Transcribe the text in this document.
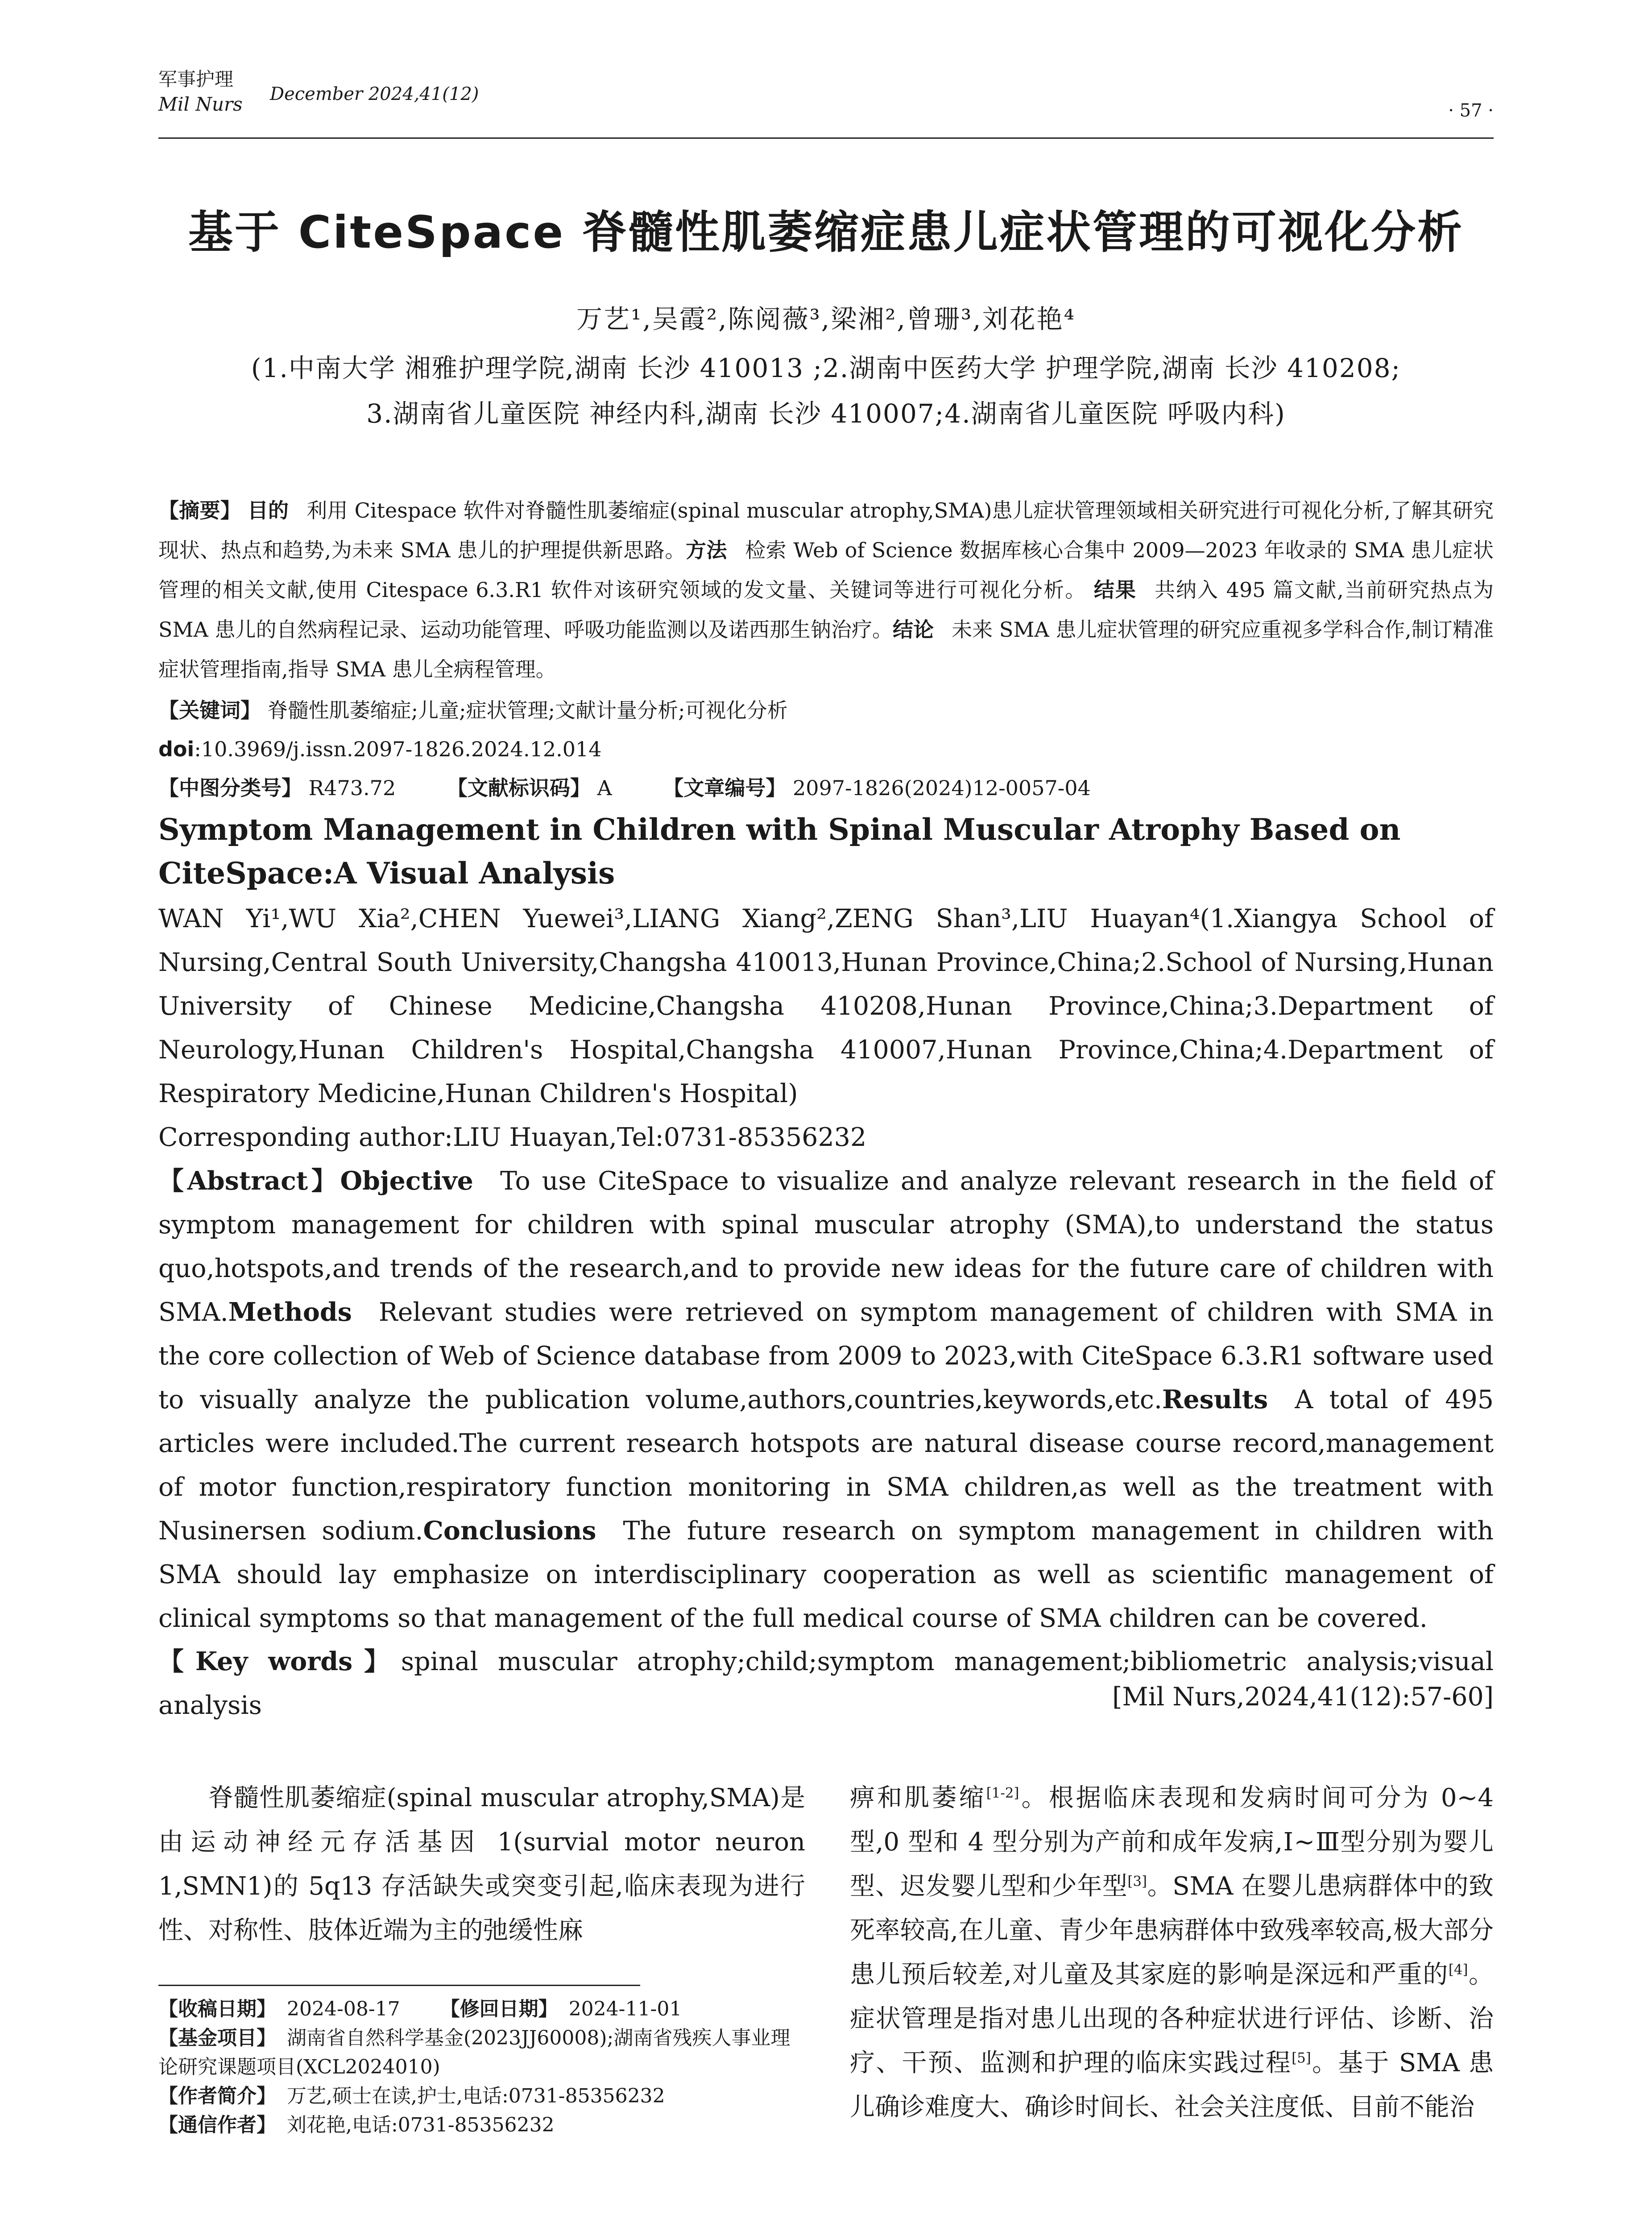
军事护理
Mil Nurs December 2024,41(12)
· 57 ·
基于 CiteSpace 脊髓性肌萎缩症患儿症状管理的可视化分析
万艺¹,吴霞²,陈阅薇³,梁湘²,曾珊³,刘花艳⁴
(1.中南大学 湘雅护理学院,湖南 长沙 410013 ;2.湖南中医药大学 护理学院,湖南 长沙 410208;
3.湖南省儿童医院 神经内科,湖南 长沙 410007;4.湖南省儿童医院 呼吸内科)
【摘要】 目的 利用 Citespace 软件对脊髓性肌萎缩症(spinal muscular atrophy,SMA)患儿症状管理领域相关研究进行可视化分析,了解其研究现状、热点和趋势,为未来 SMA 患儿的护理提供新思路。方法 检索 Web of Science 数据库核心合集中 2009—2023 年收录的 SMA 患儿症状管理的相关文献,使用 Citespace 6.3.R1 软件对该研究领域的发文量、关键词等进行可视化分析。 结果 共纳入 495 篇文献,当前研究热点为 SMA 患儿的自然病程记录、运动功能管理、呼吸功能监测以及诺西那生钠治疗。结论 未来 SMA 患儿症状管理的研究应重视多学科合作,制订精准症状管理指南,指导 SMA 患儿全病程管理。
【关键词】 脊髓性肌萎缩症;儿童;症状管理;文献计量分析;可视化分析
doi:10.3969/j.issn.2097-1826.2024.12.014
【中图分类号】 R473.72 【文献标识码】 A 【文章编号】 2097-1826(2024)12-0057-04
Symptom Management in Children with Spinal Muscular Atrophy Based on CiteSpace:A Visual Analysis
WAN Yi¹,WU Xia²,CHEN Yuewei³,LIANG Xiang²,ZENG Shan³,LIU Huayan⁴(1.Xiangya School of Nursing,Central South University,Changsha 410013,Hunan Province,China;2.School of Nursing,Hunan University of Chinese Medicine,Changsha 410208,Hunan Province,China;3.Department of Neurology,Hunan Children's Hospital,Changsha 410007,Hunan Province,China;4.Department of Respiratory Medicine,Hunan Children's Hospital)
Corresponding author:LIU Huayan,Tel:0731-85356232
【Abstract】Objective To use CiteSpace to visualize and analyze relevant research in the field of symptom management for children with spinal muscular atrophy (SMA),to understand the status quo,hotspots,and trends of the research,and to provide new ideas for the future care of children with SMA.Methods Relevant studies were retrieved on symptom management of children with SMA in the core collection of Web of Science database from 2009 to 2023,with CiteSpace 6.3.R1 software used to visually analyze the publication volume,authors,countries,keywords,etc.Results A total of 495 articles were included.The current research hotspots are natural disease course record,management of motor function,respiratory function monitoring in SMA children,as well as the treatment with Nusinersen sodium.Conclusions The future research on symptom management in children with SMA should lay emphasize on interdisciplinary cooperation as well as scientific management of clinical symptoms so that management of the full medical course of SMA children can be covered.
【Key words】spinal muscular atrophy;child;symptom management;bibliometric analysis;visual analysis	[Mil Nurs,2024,41(12):57-60]
脊髓性肌萎缩症(spinal muscular atrophy,SMA)是由运动神经元存活基因 1(survial motor neuron 1,SMN1)的 5q13 存活缺失或突变引起,临床表现为进行性、对称性、肢体近端为主的弛缓性麻
痹和肌萎缩[1-2]。根据临床表现和发病时间可分为 0~4 型,0 型和 4 型分别为产前和成年发病,Ⅰ~Ⅲ型分别为婴儿型、迟发婴儿型和少年型[3]。SMA 在婴儿患病群体中的致死率较高,在儿童、青少年患病群体中致残率较高,极大部分患儿预后较差,对儿童及其家庭的影响是深远和严重的[4]。症状管理是指对患儿出现的各种症状进行评估、诊断、治疗、干预、监测和护理的临床实践过程[5]。基于 SMA 患儿确诊难度大、确诊时间长、社会关注度低、目前不能治
【收稿日期】 2024-08-17 【修回日期】 2024-11-01
【基金项目】 湖南省自然科学基金(2023JJ60008);湖南省残疾人事业理论研究课题项目(XCL2024010)
【作者简介】 万艺,硕士在读,护士,电话:0731-85356232
【通信作者】 刘花艳,电话:0731-85356232
